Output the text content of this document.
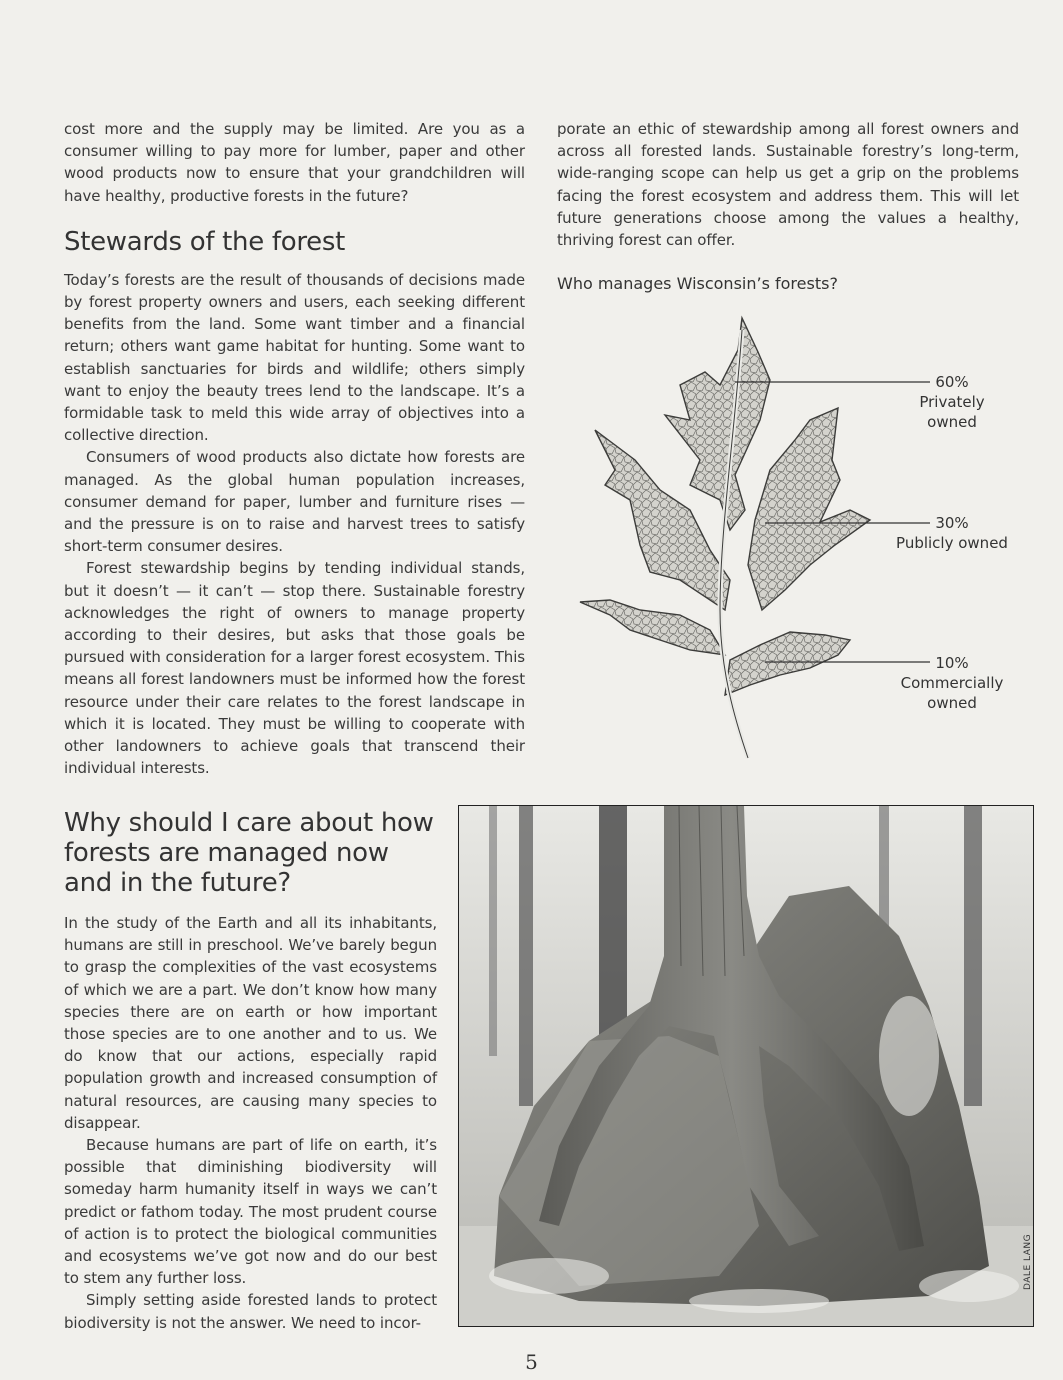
cost more and the supply may be limited. Are you as a consumer willing to pay more for lumber, paper and other wood products now to ensure that your grandchildren will have healthy, productive forests in the future?

Stewards of the forest

Today’s forests are the result of thousands of decisions made by forest property owners and users, each seeking different benefits from the land. Some want timber and a financial return; others want game habitat for hunting. Some want to establish sanctuaries for birds and wildlife; others simply want to enjoy the beauty trees lend to the landscape. It’s a formidable task to meld this wide array of objectives into a collective direction.

Consumers of wood products also dictate how forests are managed. As the global human population increases, consumer demand for paper, lumber and furniture rises — and the pressure is on to raise and harvest trees to satisfy short-term consumer desires.

Forest stewardship begins by tending individual stands, but it doesn’t — it can’t — stop there. Sustainable forestry acknowledges the right of owners to manage property according to their desires, but asks that those goals be pursued with consideration for a larger forest ecosystem. This means all forest landowners must be informed how the forest resource under their care relates to the forest landscape in which it is located. They must be willing to cooperate with other landowners to achieve goals that transcend their individual interests.

porate an ethic of stewardship among all forest owners and across all forested lands. Sustainable forestry’s long-term, wide-ranging scope can help us get a grip on the problems facing the forest ecosystem and address them. This will let future generations choose among the values a healthy, thriving forest can offer.

Who manages Wisconsin’s forests?
60%
Privately owned
30%
Publicly owned
10%
Commercially owned
Why should I care about how forests are managed now and in the future?

In the study of the Earth and all its inhabitants, humans are still in preschool. We’ve barely begun to grasp the complexities of the vast ecosystems of which we are a part. We don’t know how many species there are on earth or how important those species are to one another and to us. We do know that our actions, especially rapid population growth and increased consumption of natural resources, are causing many species to disappear.

Because humans are part of life on earth, it’s possible that diminishing biodiversity will someday harm humanity itself in ways we can’t predict or fathom today. The most prudent course of action is to protect the biological communities and ecosystems we’ve got now and do our best to stem any further loss.

Simply setting aside forested lands to protect biodiversity is not the answer. We need to incor-

DALE LANG
5
